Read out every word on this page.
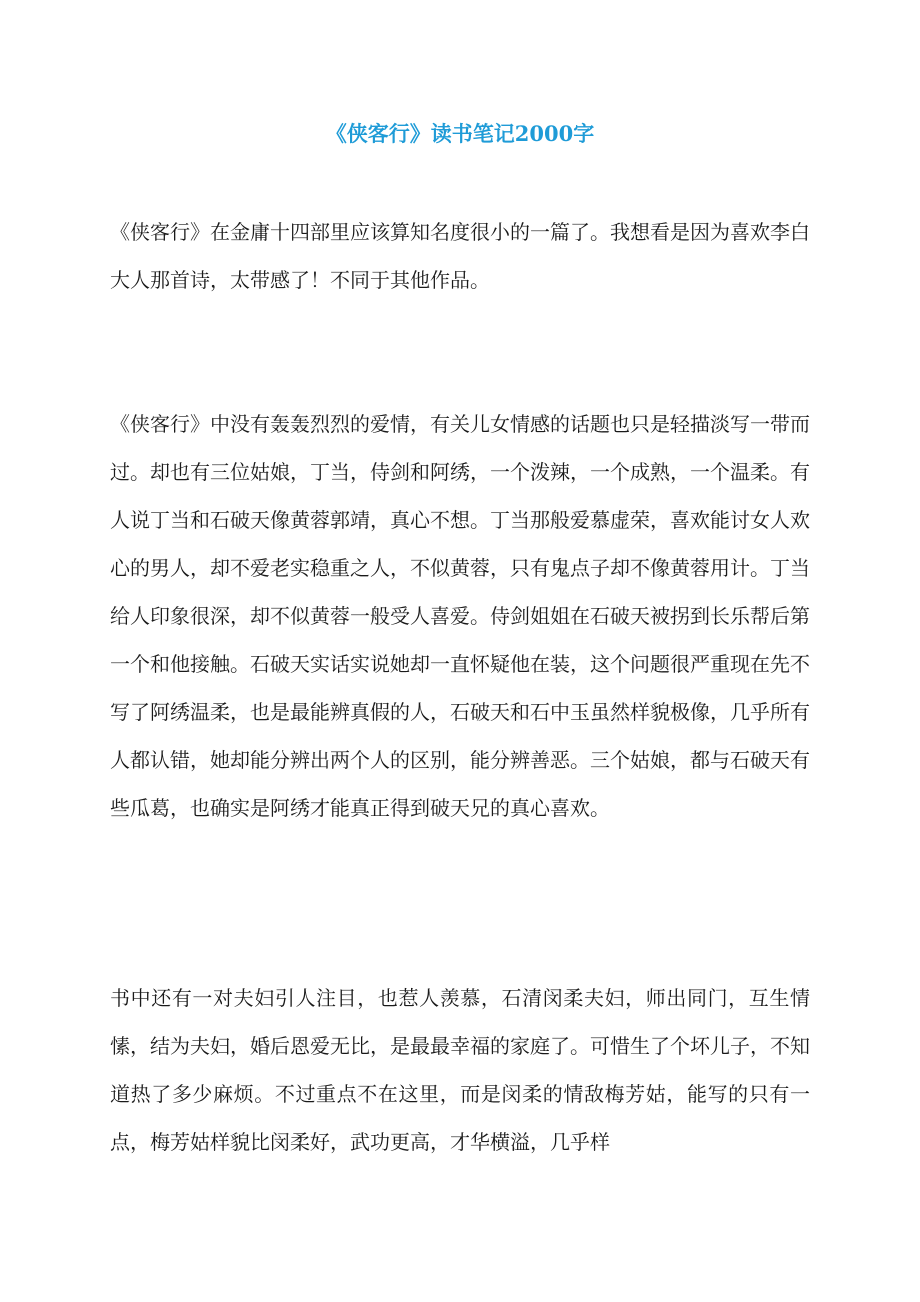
《侠客行》读书笔记2000字

《侠客行》在金庸十四部里应该算知名度很小的一篇了。我想看是因为喜欢李白大人那首诗，太带感了！不同于其他作品。

《侠客行》中没有轰轰烈烈的爱情，有关儿女情感的话题也只是轻描淡写一带而过。却也有三位姑娘，丁当，侍剑和阿绣，一个泼辣，一个成熟，一个温柔。有人说丁当和石破天像黄蓉郭靖，真心不想。丁当那般爱慕虚荣，喜欢能讨女人欢心的男人，却不爱老实稳重之人，不似黄蓉，只有鬼点子却不像黄蓉用计。丁当给人印象很深，却不似黄蓉一般受人喜爱。侍剑姐姐在石破天被拐到长乐帮后第一个和他接触。石破天实话实说她却一直怀疑他在装，这个问题很严重现在先不写了阿绣温柔，也是最能辨真假的人，石破天和石中玉虽然样貌极像，几乎所有人都认错，她却能分辨出两个人的区别，能分辨善恶。三个姑娘，都与石破天有些瓜葛，也确实是阿绣才能真正得到破天兄的真心喜欢。

书中还有一对夫妇引人注目，也惹人羡慕，石清闵柔夫妇，师出同门，互生情愫，结为夫妇，婚后恩爱无比，是最最幸福的家庭了。可惜生了个坏儿子，不知道热了多少麻烦。不过重点不在这里，而是闵柔的情敌梅芳姑，能写的只有一点，梅芳姑样貌比闵柔好，武功更高，才华横溢，几乎样
